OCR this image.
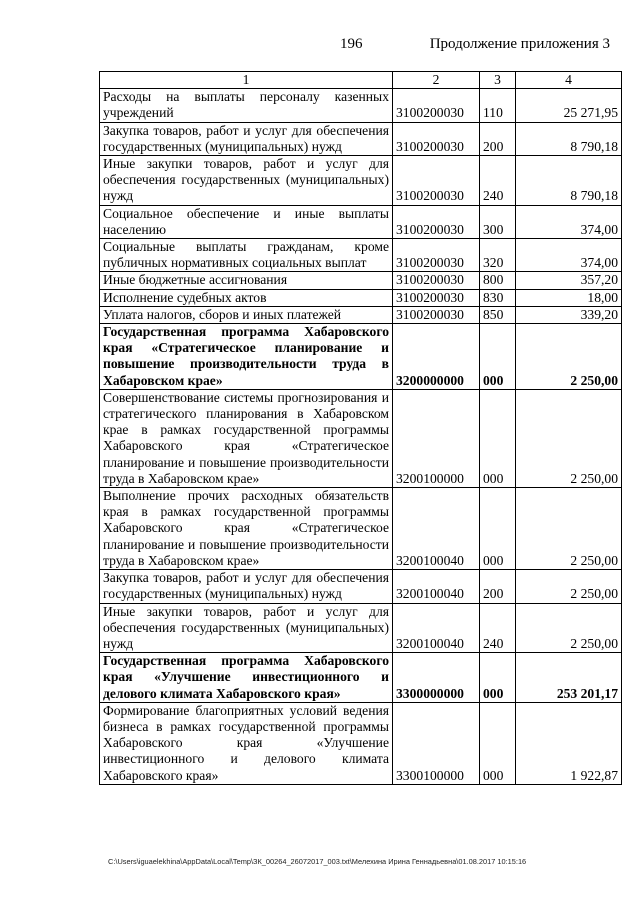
196	Продолжение приложения 3
1	2	3	4
Расходы на выплаты персоналу казенных учреждений	3100200030	110	25 271,95
Закупка товаров, работ и услуг для обеспечения государственных (муниципальных) нужд	3100200030	200	8 790,18
Иные закупки товаров, работ и услуг для обеспечения государственных (муниципальных) нужд	3100200030	240	8 790,18
Социальное обеспечение и иные выплаты населению	3100200030	300	374,00
Социальные выплаты гражданам, кроме публичных нормативных социальных выплат	3100200030	320	374,00
Иные бюджетные ассигнования	3100200030	800	357,20
Исполнение судебных актов	3100200030	830	18,00
Уплата налогов, сборов и иных платежей	3100200030	850	339,20
Государственная программа Хабаровского края «Стратегическое планирование и повышение производительности труда в Хабаровском крае»	3200000000	000	2 250,00
Совершенствование системы прогнозирования и стратегического планирования в Хабаровском крае в рамках государственной программы Хабаровского края «Стратегическое планирование и повышение производительности труда в Хабаровском крае»	3200100000	000	2 250,00
Выполнение прочих расходных обязательств края в рамках государственной программы Хабаровского края «Стратегическое планирование и повышение производительности труда в Хабаровском крае»	3200100040	000	2 250,00
Закупка товаров, работ и услуг для обеспечения государственных (муниципальных) нужд	3200100040	200	2 250,00
Иные закупки товаров, работ и услуг для обеспечения государственных (муниципальных) нужд	3200100040	240	2 250,00
Государственная программа Хабаровского края «Улучшение инвестиционного и делового климата Хабаровского края»	3300000000	000	253 201,17
Формирование благоприятных условий ведения бизнеса в рамках государственной программы Хабаровского края «Улучшение инвестиционного и делового климата Хабаровского края»	3300100000	000	1 922,87
C:\Users\iguaelekhina\AppData\Local\Temp\ЗК_00264_26072017_003.txt\Мелехина Ирина Геннадьевна\01.08.2017 10:15:16
